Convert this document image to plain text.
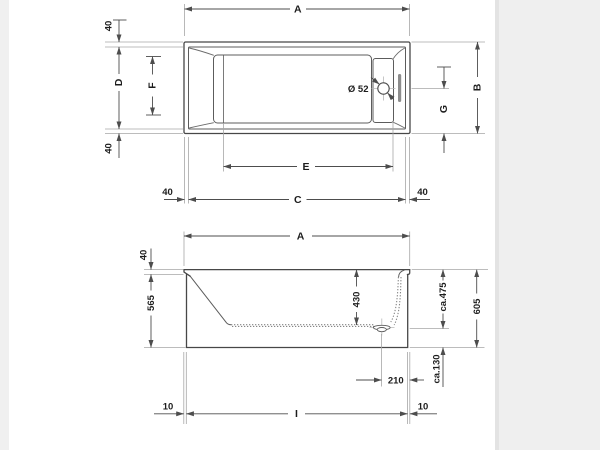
Ø 52
A
40
D
40
F	B
G
E
40
C
40
A
40
565	430	ca.475 605
ca.130
210
10
I
10
